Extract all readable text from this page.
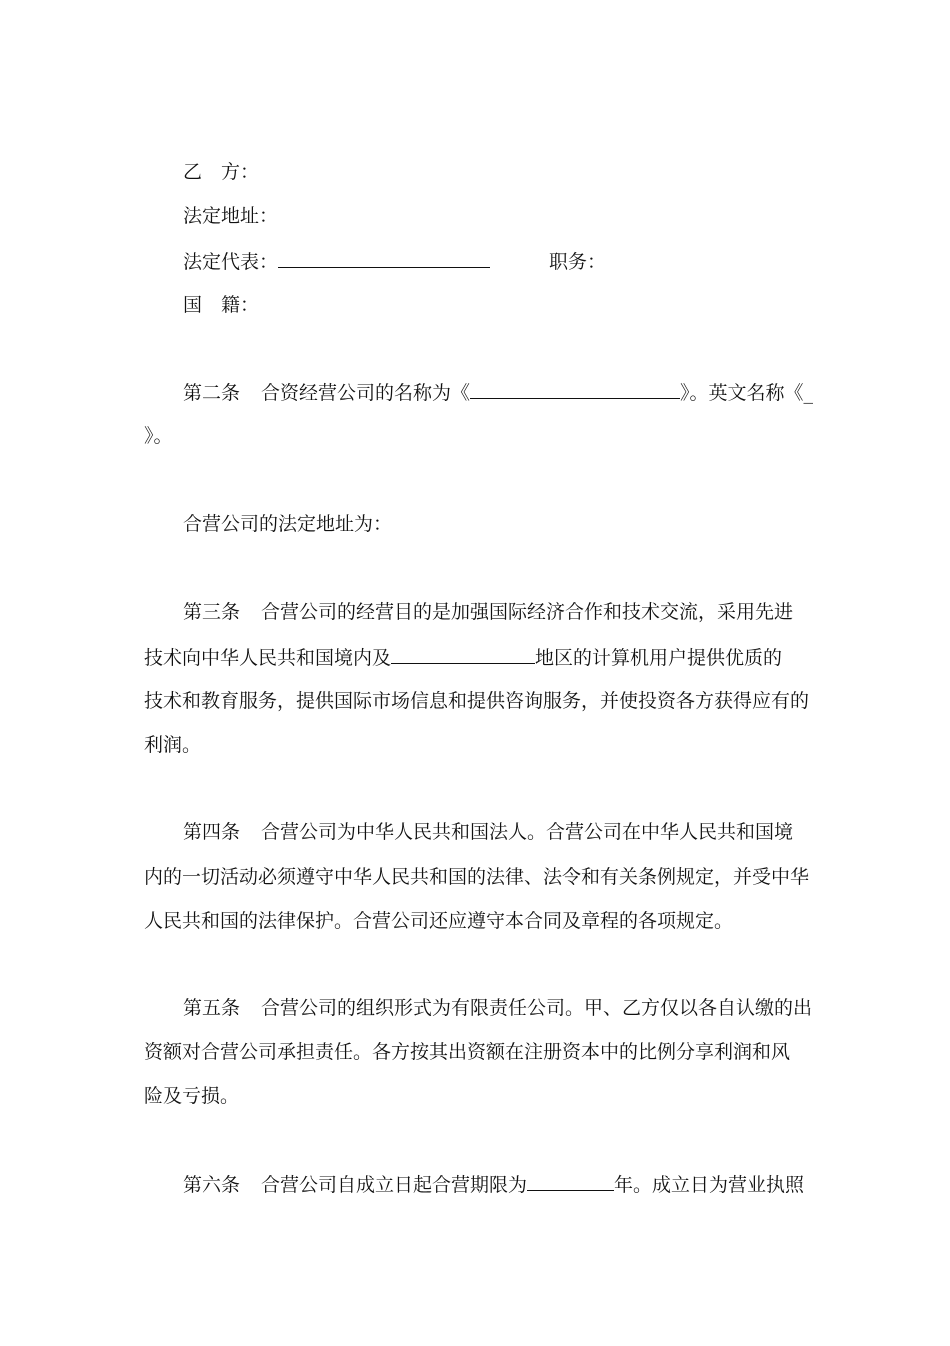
乙　方：
法定地址：
法定代表：	职务：
国　籍：
第二条 合资经营公司的名称为《	》。英文名称《_
》。
合营公司的法定地址为：
第三条 合营公司的经营目的是加强国际经济合作和技术交流，采用先进
技术向中华人民共和国境内及	地区的计算机用户提供优质的
技术和教育服务，提供国际市场信息和提供咨询服务，并使投资各方获得应有的
利润。
第四条 合营公司为中华人民共和国法人。合营公司在中华人民共和国境
内的一切活动必须遵守中华人民共和国的法律、法令和有关条例规定，并受中华
人民共和国的法律保护。合营公司还应遵守本合同及章程的各项规定。
第五条 合营公司的组织形式为有限责任公司。甲、乙方仅以各自认缴的出
资额对合营公司承担责任。各方按其出资额在注册资本中的比例分享利润和风
险及亏损。
第六条 合营公司自成立日起合营期限为	年。成立日为营业执照
